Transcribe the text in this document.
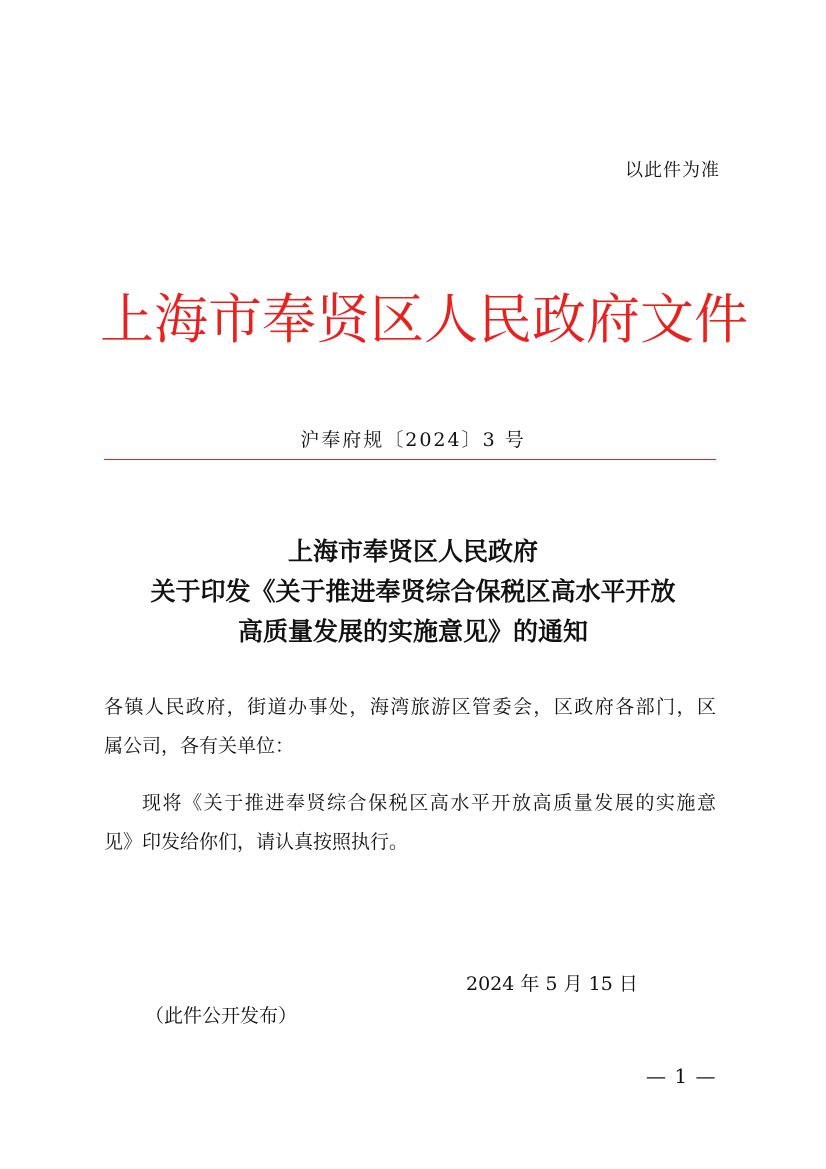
以此件为准
上海市奉贤区人民政府文件
沪奉府规〔2024〕3 号
上海市奉贤区人民政府
关于印发《关于推进奉贤综合保税区高水平开放
高质量发展的实施意见》的通知
各镇人民政府，街道办事处，海湾旅游区管委会，区政府各部门，区
属公司，各有关单位：
现将《关于推进奉贤综合保税区高水平开放高质量发展的实施意
见》印发给你们，请认真按照执行。
2024 年 5 月 15 日
（此件公开发布）
— 1 —
